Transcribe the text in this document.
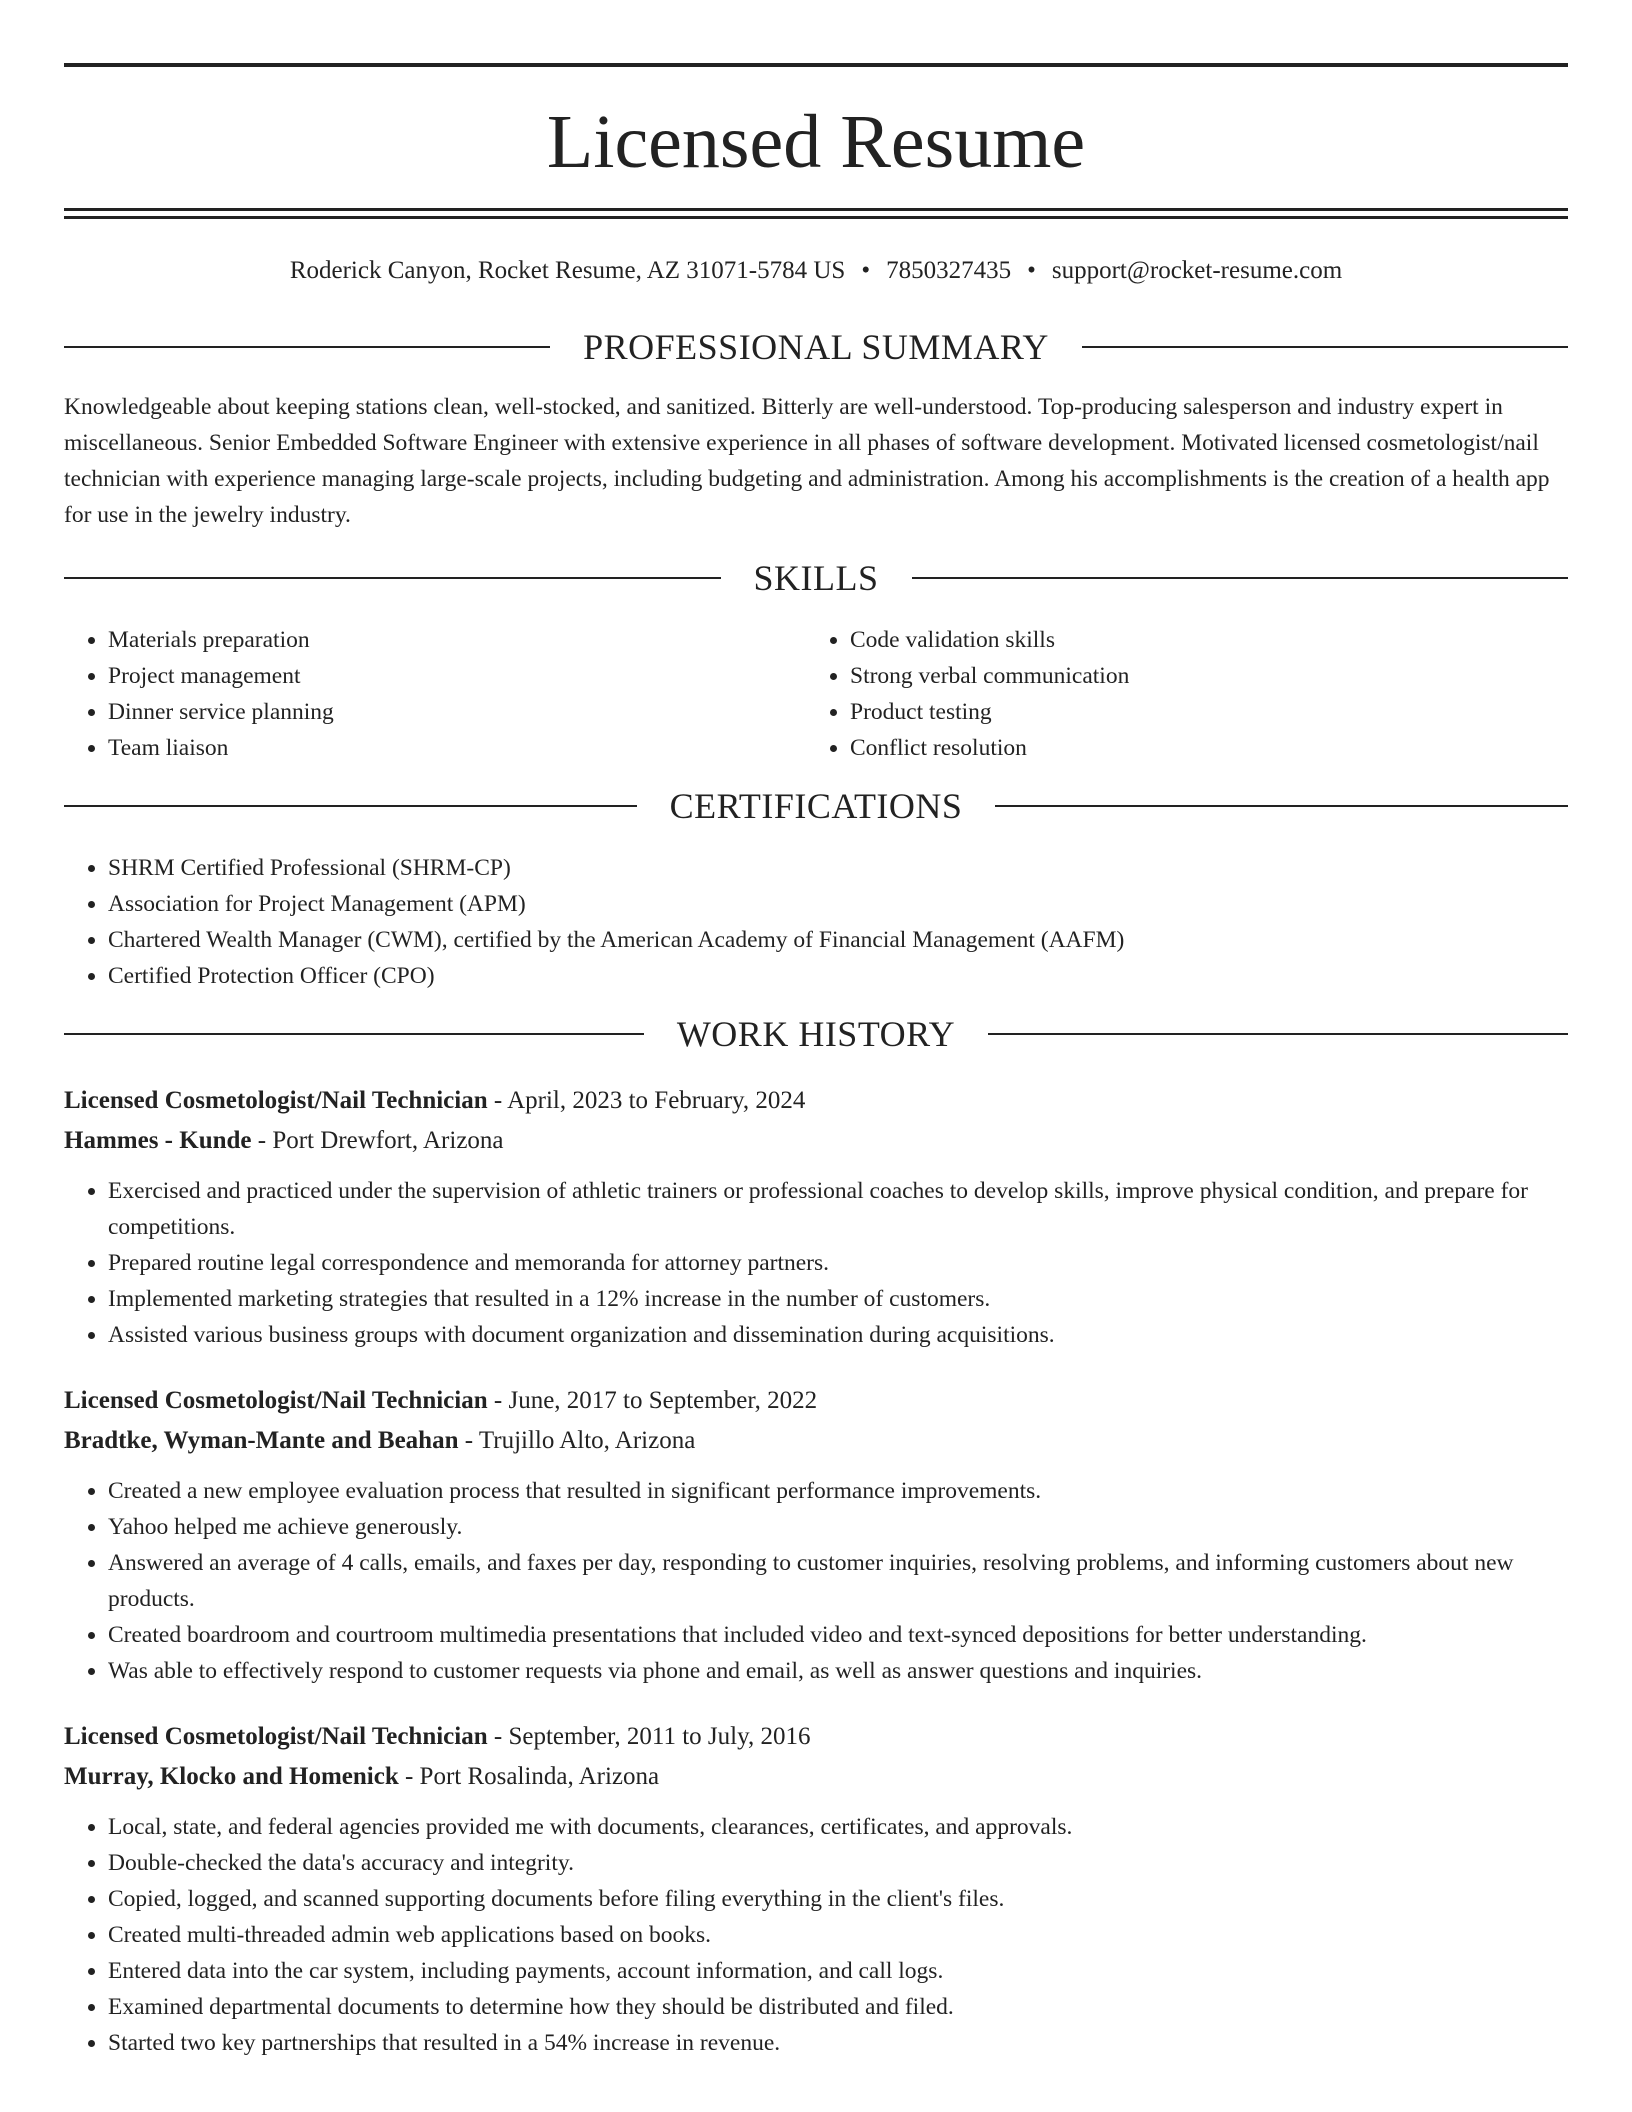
Licensed Resume
Roderick Canyon, Rocket Resume, AZ 31071-5784 US • 7850327435 • support@rocket-resume.com
PROFESSIONAL SUMMARY
Knowledgeable about keeping stations clean, well-stocked, and sanitized. Bitterly are well-understood. Top-producing salesperson and industry expert in miscellaneous. Senior Embedded Software Engineer with extensive experience in all phases of software development. Motivated licensed cosmetologist/nail technician with experience managing large-scale projects, including budgeting and administration. Among his accomplishments is the creation of a health app for use in the jewelry industry.
SKILLS
• Materials preparation
• Project management
• Dinner service planning
• Team liaison
• Code validation skills
• Strong verbal communication
• Product testing
• Conflict resolution
CERTIFICATIONS
• SHRM Certified Professional (SHRM-CP)
• Association for Project Management (APM)
• Chartered Wealth Manager (CWM), certified by the American Academy of Financial Management (AAFM)
• Certified Protection Officer (CPO)
WORK HISTORY
Licensed Cosmetologist/Nail Technician - April, 2023 to February, 2024
Hammes - Kunde - Port Drewfort, Arizona
• Exercised and practiced under the supervision of athletic trainers or professional coaches to develop skills, improve physical condition, and prepare for competitions.
• Prepared routine legal correspondence and memoranda for attorney partners.
• Implemented marketing strategies that resulted in a 12% increase in the number of customers.
• Assisted various business groups with document organization and dissemination during acquisitions.
Licensed Cosmetologist/Nail Technician - June, 2017 to September, 2022
Bradtke, Wyman-Mante and Beahan - Trujillo Alto, Arizona
• Created a new employee evaluation process that resulted in significant performance improvements.
• Yahoo helped me achieve generously.
• Answered an average of 4 calls, emails, and faxes per day, responding to customer inquiries, resolving problems, and informing customers about new products.
• Created boardroom and courtroom multimedia presentations that included video and text-synced depositions for better understanding.
• Was able to effectively respond to customer requests via phone and email, as well as answer questions and inquiries.
Licensed Cosmetologist/Nail Technician - September, 2011 to July, 2016
Murray, Klocko and Homenick - Port Rosalinda, Arizona
• Local, state, and federal agencies provided me with documents, clearances, certificates, and approvals.
• Double-checked the data's accuracy and integrity.
• Copied, logged, and scanned supporting documents before filing everything in the client's files.
• Created multi-threaded admin web applications based on books.
• Entered data into the car system, including payments, account information, and call logs.
• Examined departmental documents to determine how they should be distributed and filed.
• Started two key partnerships that resulted in a 54% increase in revenue.
